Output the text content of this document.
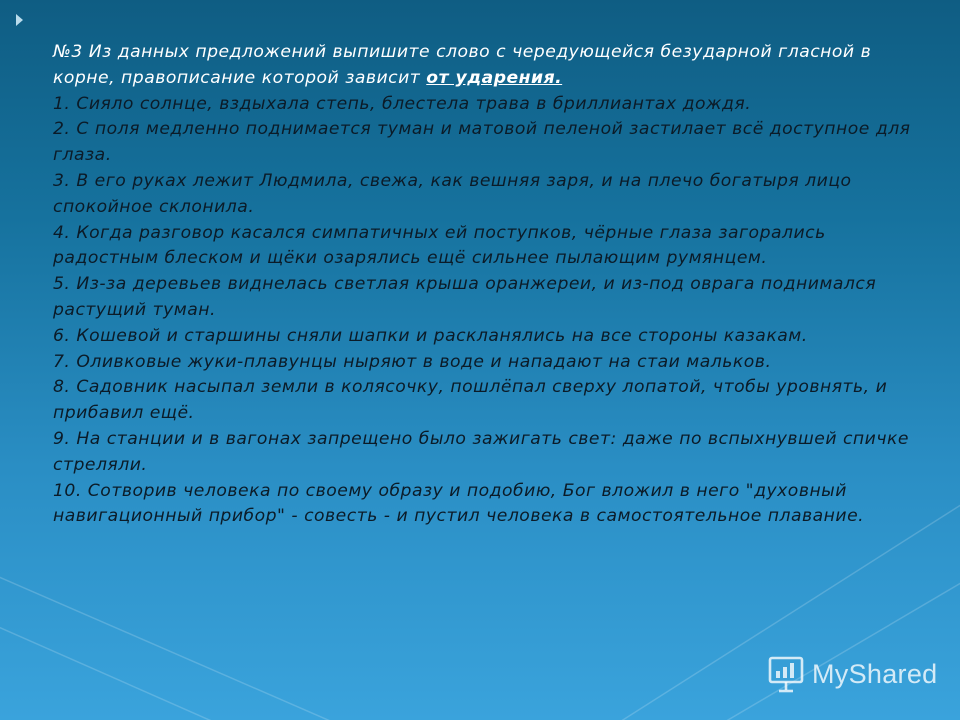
№3 Из данных предложений выпишите слово с чередующейся безударной гласной в корне, правописание которой зависит от ударения.

1. Сияло солнце, вздыхала степь, блестела трава в бриллиантах дождя.

2. С поля медленно поднимается туман и матовой пеленой застилает всё доступное для глаза.

3. В его руках лежит Людмила, свежа, как вешняя заря, и на плечо богатыря лицо спокойное склонила.

4. Когда разговор касался симпатичных ей поступков, чёрные глаза загорались радостным блеском и щёки озарялись ещё сильнее пылающим румянцем.

5. Из-за деревьев виднелась светлая крыша оранжереи, и из-под оврага поднимался растущий туман.

6. Кошевой и старшины сняли шапки и раскланялись на все стороны казакам.

7. Оливковые жуки-плавунцы ныряют в воде и нападают на стаи мальков.

8. Садовник насыпал земли в колясочку, пошлёпал сверху лопатой, чтобы уровнять, и прибавил ещё.

9. На станции и в вагонах запрещено было зажигать свет: даже по вспыхнувшей спичке стреляли.

10. Сотворив человека по своему образу и подобию, Бог вложил в него "духовный навигационный прибор" - совесть - и пустил человека в самостоятельное плавание.

MyShared
